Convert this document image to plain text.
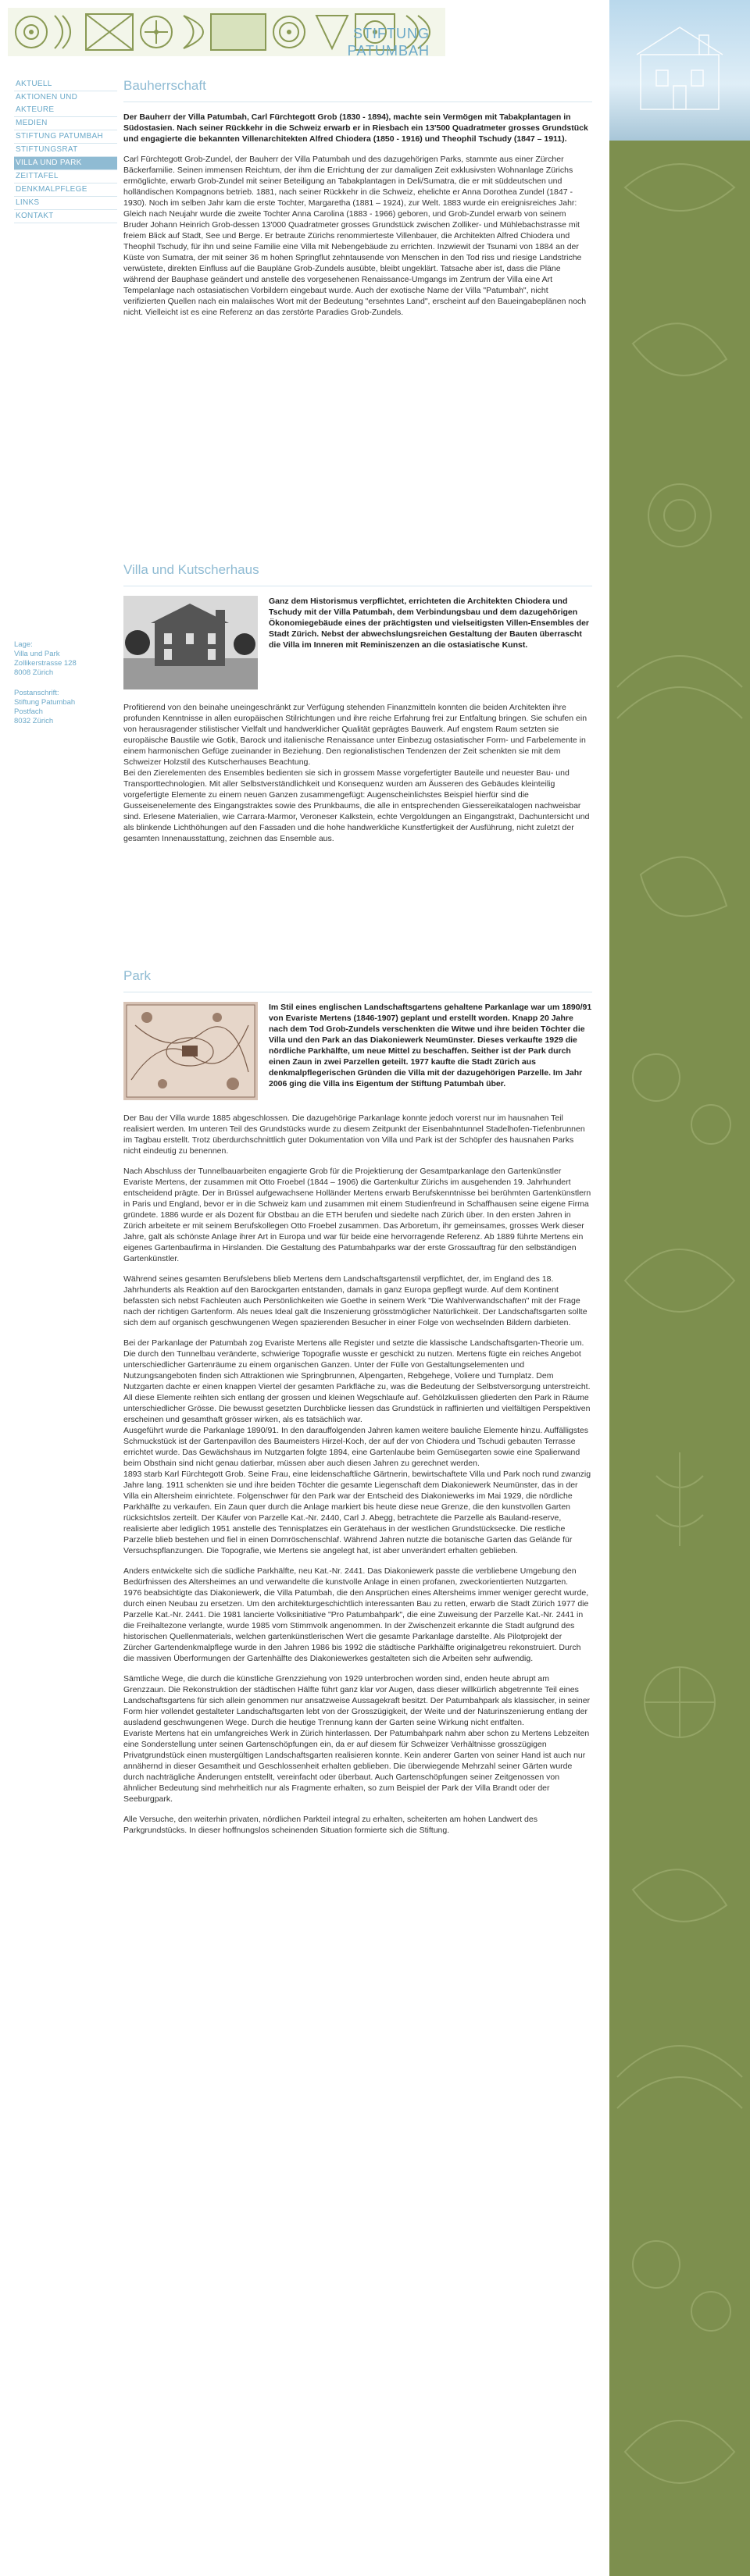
STIFTUNG
PATUMBAH
AKTUELL
AKTIONEN UND AKTEURE
MEDIEN
STIFTUNG PATUMBAH
STIFTUNGSRAT
VILLA UND PARK
ZEITTAFEL
DENKMALPFLEGE
LINKS
KONTAKT
Lage:
Villa und Park
Zollikerstrasse 128
8008 Zürich
Postanschrift:
Stiftung Patumbah
Postfach
8032 Zürich
Bauherrschaft

Der Bauherr der Villa Patumbah, Carl Fürchtegott Grob (1830 - 1894), machte sein Vermögen mit Tabakplantagen in Südostasien. Nach seiner Rückkehr in die Schweiz erwarb er in Riesbach ein 13'500 Quadratmeter grosses Grundstück und engagierte die bekannten Villenarchitekten Alfred Chiodera (1850 - 1916) und Theophil Tschudy (1847 – 1911).

Carl Fürchtegott Grob-Zundel, der Bauherr der Villa Patumbah und des dazugehörigen Parks, stammte aus einer Zürcher Bäckerfamilie. Seinen immensen Reichtum, der ihm die Errichtung der zur damaligen Zeit exklusivsten Wohnanlage Zürichs ermöglichte, erwarb Grob-Zundel mit seiner Beteiligung an Tabakplantagen in Deli/Sumatra, die er mit süddeutschen und holländischen Kompagnons betrieb. 1881, nach seiner Rückkehr in die Schweiz, ehelichte er Anna Dorothea Zundel (1847 - 1930). Noch im selben Jahr kam die erste Tochter, Margaretha (1881 – 1924), zur Welt. 1883 wurde ein ereignisreiches Jahr: Gleich nach Neujahr wurde die zweite Tochter Anna Carolina (1883 - 1966) geboren, und Grob-Zundel erwarb von seinem Bruder Johann Heinrich Grob-dessen 13'000 Quadratmeter grosses Grundstück zwischen Zolliker- und Mühlebachstrasse mit freiem Blick auf Stadt, See und Berge. Er betraute Zürichs renommierteste Villenbauer, die Architekten Alfred Chiodera und Theophil Tschudy, für ihn und seine Familie eine Villa mit Nebengebäude zu errichten. Inzwiewit der Tsunami von 1884 an der Küste von Sumatra, der mit seiner 36 m hohen Springflut zehntausende von Menschen in den Tod riss und riesige Landstriche verwüstete, direkten Einfluss auf die Baupläne Grob-Zundels ausübte, bleibt ungeklärt. Tatsache aber ist, dass die Pläne während der Bauphase geändert und anstelle des vorgesehenen Renaissance-Umgangs im Zentrum der Villa eine Art Tempelanlage nach ostasiatischen Vorbildern eingebaut wurde. Auch der exotische Name der Villa "Patumbah", nicht verifizierten Quellen nach ein malaiisches Wort mit der Bedeutung "ersehntes Land", erscheint auf den Baueingabeplänen noch nicht. Vielleicht ist es eine Referenz an das zerstörte Paradies Grob-Zundels.

Villa und Kutscherhaus

Ganz dem Historismus verpflichtet, errichteten die Architekten Chiodera und Tschudy mit der Villa Patumbah, dem Verbindungsbau und dem dazugehörigen Ökonomiegebäude eines der prächtigsten und vielseitigsten Villen-Ensembles der Stadt Zürich. Nebst der abwechslungsreichen Gestaltung der Bauten überrascht die Villa im Inneren mit Reminiszenzen an die ostasiatische Kunst.

Profitierend von den beinahe uneingeschränkt zur Verfügung stehenden Finanzmitteln konnten die beiden Architekten ihre profunden Kenntnisse in allen europäischen Stilrichtungen und ihre reiche Erfahrung frei zur Entfaltung bringen. Sie schufen ein von herausragender stilistischer Vielfalt und handwerklicher Qualität geprägtes Bauwerk. Auf engstem Raum setzten sie europäische Baustile wie Gotik, Barock und italienische Renaissance unter Einbezug ostasiatischer Form- und Farbelemente in einem harmonischen Gefüge zueinander in Beziehung. Den regionalistischen Tendenzen der Zeit schenkten sie mit dem Schweizer Holzstil des Kutscherhauses Beachtung.
Bei den Zierelementen des Ensembles bedienten sie sich in grossem Masse vorgefertigter Bauteile und neuester Bau- und Transporttechnologien. Mit aller Selbstverständlichkeit und Konsequenz wurden am Äusseren des Gebäudes kleinteilig vorgefertigte Elemente zu einem neuen Ganzen zusammengefügt: Augenscheinlichstes Beispiel hierfür sind die Gusseisenelemente des Eingangstraktes sowie des Prunkbaums, die alle in entsprechenden Giessereikatalogen nachweisbar sind. Erlesene Materialien, wie Carrara-Marmor, Veroneser Kalkstein, echte Vergoldungen an Eingangstrakt, Dachuntersicht und als blinkende Lichthöhungen auf den Fassaden und die hohe handwerkliche Kunstfertigkeit der Ausführung, nicht zuletzt der gesamten Innenausstattung, zeichnen das Ensemble aus.

Park

Im Stil eines englischen Landschaftsgartens gehaltene Parkanlage war um 1890/91 von Evariste Mertens (1846-1907) geplant und erstellt worden. Knapp 20 Jahre nach dem Tod Grob-Zundels verschenkten die Witwe und ihre beiden Töchter die Villa und den Park an das Diakoniewerk Neumünster. Dieses verkaufte 1929 die nördliche Parkhälfte, um neue Mittel zu beschaffen. Seither ist der Park durch einen Zaun in zwei Parzellen geteilt. 1977 kaufte die Stadt Zürich aus denkmalpflegerischen Gründen die Villa mit der dazugehörigen Parzelle. Im Jahr 2006 ging die Villa ins Eigentum der Stiftung Patumbah über.

Der Bau der Villa wurde 1885 abgeschlossen. Die dazugehörige Parkanlage konnte jedoch vorerst nur im hausnahen Teil realisiert werden. Im unteren Teil des Grundstücks wurde zu diesem Zeitpunkt der Eisenbahntunnel Stadelhofen-Tiefenbrunnen im Tagbau erstellt. Trotz überdurchschnittlich guter Dokumentation von Villa und Park ist der Schöpfer des hausnahen Parks nicht eindeutig zu benennen.

Nach Abschluss der Tunnelbauarbeiten engagierte Grob für die Projektierung der Gesamtparkanlage den Gartenkünstler Evariste Mertens, der zusammen mit Otto Froebel (1844 – 1906) die Gartenkultur Zürichs im ausgehenden 19. Jahrhundert entscheidend prägte. Der in Brüssel aufgewachsene Holländer Mertens erwarb Berufskenntnisse bei berühmten Gartenkünstlern in Paris und England, bevor er in die Schweiz kam und zusammen mit einem Studienfreund in Schaffhausen seine eigene Firma gründete. 1886 wurde er als Dozent für Obstbau an die ETH berufen und siedelte nach Zürich über. In den ersten Jahren in Zürich arbeitete er mit seinem Berufskollegen Otto Froebel zusammen. Das Arboretum, ihr gemeinsames, grosses Werk dieser Jahre, galt als schönste Anlage ihrer Art in Europa und war für beide eine hervorragende Referenz. Ab 1889 führte Mertens ein eigenes Gartenbaufirma in Hirslanden. Die Gestaltung des Patumbahparks war der erste Grossauftrag für den selbständigen Gartenkünstler.

Während seines gesamten Berufslebens blieb Mertens dem Landschaftsgartenstil verpflichtet, der, im England des 18. Jahrhunderts als Reaktion auf den Barockgarten entstanden, damals in ganz Europa gepflegt wurde. Auf dem Kontinent befassten sich nebst Fachleuten auch Persönlichkeiten wie Goethe in seinem Werk "Die Wahlverwandschaften" mit der Frage nach der richtigen Gartenform. Als neues Ideal galt die Inszenierung grösstmöglicher Natürlichkeit. Der Landschaftsgarten sollte sich dem auf organisch geschwungenen Wegen spazierenden Besucher in einer Folge von wechselnden Bildern darbieten.

Bei der Parkanlage der Patumbah zog Evariste Mertens alle Register und setzte die klassische Landschaftsgarten-Theorie um. Die durch den Tunnelbau veränderte, schwierige Topografie wusste er geschickt zu nutzen. Mertens fügte ein reiches Angebot unterschiedlicher Gartenräume zu einem organischen Ganzen. Unter der Fülle von Gestaltungselementen und Nutzungsangeboten finden sich Attraktionen wie Springbrunnen, Alpengarten, Rebgehege, Voliere und Turnplatz. Dem Nutzgarten dachte er einen knappen Viertel der gesamten Parkfläche zu, was die Bedeutung der Selbstversorgung unterstreicht. All diese Elemente reihten sich entlang der grossen und kleinen Wegschlaufe auf. Gehölzkulissen gliederten den Park in Räume unterschiedlicher Grösse. Die bewusst gesetzten Durchblicke liessen das Grundstück in raffinierten und vielfältigen Perspektiven erscheinen und gesamthaft grösser wirken, als es tatsächlich war.
Ausgeführt wurde die Parkanlage 1890/91. In den darauffolgenden Jahren kamen weitere bauliche Elemente hinzu. Auffälligstes Schmuckstück ist der Gartenpavillon des Baumeisters Hirzel-Koch, der auf der von Chiodera und Tschudi gebauten Terrasse errichtet wurde. Das Gewächshaus im Nutzgarten folgte 1894, eine Gartenlaube beim Gemüsegarten sowie eine Spalierwand beim Obsthain sind nicht genau datierbar, müssen aber auch diesen Jahren zu gerechnet werden.
1893 starb Karl Fürchtegott Grob. Seine Frau, eine leidenschaftliche Gärtnerin, bewirtschaftete Villa und Park noch rund zwanzig Jahre lang. 1911 schenkten sie und ihre beiden Töchter die gesamte Liegenschaft dem Diakoniewerk Neumünster, das in der Villa ein Altersheim einrichtete. Folgenschwer für den Park war der Entscheid des Diakoniewerks im Mai 1929, die nördliche Parkhälfte zu verkaufen. Ein Zaun quer durch die Anlage markiert bis heute diese neue Grenze, die den kunstvollen Garten rücksichtslos zerteilt. Der Käufer von Parzelle Kat.-Nr. 2440, Carl J. Abegg, betrachtete die Parzelle als Bauland-reserve, realisierte aber lediglich 1951 anstelle des Tennisplatzes ein Gerätehaus in der westlichen Grundstücksecke. Die restliche Parzelle blieb bestehen und fiel in einen Dornröschenschlaf. Während Jahren nutzte die botanische Garten das Gelände für Versuchspflanzungen. Die Topografie, wie Mertens sie angelegt hat, ist aber unverändert erhalten geblieben.

Anders entwickelte sich die südliche Parkhälfte, neu Kat.-Nr. 2441. Das Diakoniewerk passte die verbliebene Umgebung den Bedürfnissen des Altersheimes an und verwandelte die kunstvolle Anlage in einen profanen, zweckorientierten Nutzgarten.
1976 beabsichtigte das Diakoniewerk, die Villa Patumbah, die den Ansprüchen eines Altersheims immer weniger gerecht wurde, durch einen Neubau zu ersetzen. Um den architekturgeschichtlich interessanten Bau zu retten, erwarb die Stadt Zürich 1977 die Parzelle Kat.-Nr. 2441. Die 1981 lancierte Volksinitiative "Pro Patumbahpark", die eine Zuweisung der Parzelle Kat.-Nr. 2441 in die Freihaltezone verlangte, wurde 1985 vom Stimmvolk angenommen. In der Zwischenzeit erkannte die Stadt aufgrund des historischen Quellenmaterials, welchen gartenkünstlerischen Wert die gesamte Parkanlage darstellte. Als Pilotprojekt der Zürcher Gartendenkmalpflege wurde in den Jahren 1986 bis 1992 die städtische Parkhälfte originalgetreu rekonstruiert. Durch die massiven Überformungen der Gartenhälfte des Diakoniewerkes gestalteten sich die Arbeiten sehr aufwendig.

Sämtliche Wege, die durch die künstliche Grenzziehung von 1929 unterbrochen worden sind, enden heute abrupt am Grenzzaun. Die Rekonstruktion der städtischen Hälfte führt ganz klar vor Augen, dass dieser willkürlich abgetrennte Teil eines Landschaftsgartens für sich allein genommen nur ansatzweise Aussagekraft besitzt. Der Patumbahpark als klassischer, in seiner Form hier vollendet gestalteter Landschaftsgarten lebt von der Grosszügigkeit, der Weite und der Naturinszenierung entlang der ausladend geschwungenen Wege. Durch die heutige Trennung kann der Garten seine Wirkung nicht entfalten.
Evariste Mertens hat ein umfangreiches Werk in Zürich hinterlassen. Der Patumbahpark nahm aber schon zu Mertens Lebzeiten eine Sonderstellung unter seinen Gartenschöpfungen ein, da er auf diesem für Schweizer Verhältnisse grosszügigen Privatgrundstück einen mustergültigen Landschaftsgarten realisieren konnte. Kein anderer Garten von seiner Hand ist auch nur annähernd in dieser Gesamtheit und Geschlossenheit erhalten geblieben. Die überwiegende Mehrzahl seiner Gärten wurde durch nachträgliche Änderungen entstellt, vereinfacht oder überbaut. Auch Gartenschöpfungen seiner Zeitgenossen von ähnlicher Bedeutung sind mehrheitlich nur als Fragmente erhalten, so zum Beispiel der Park der Villa Brandt oder der Seeburgpark.

Alle Versuche, den weiterhin privaten, nördlichen Parkteil integral zu erhalten, scheiterten am hohen Landwert des Parkgrundstücks. In dieser hoffnungslos scheinenden Situation formierte sich die Stiftung.
